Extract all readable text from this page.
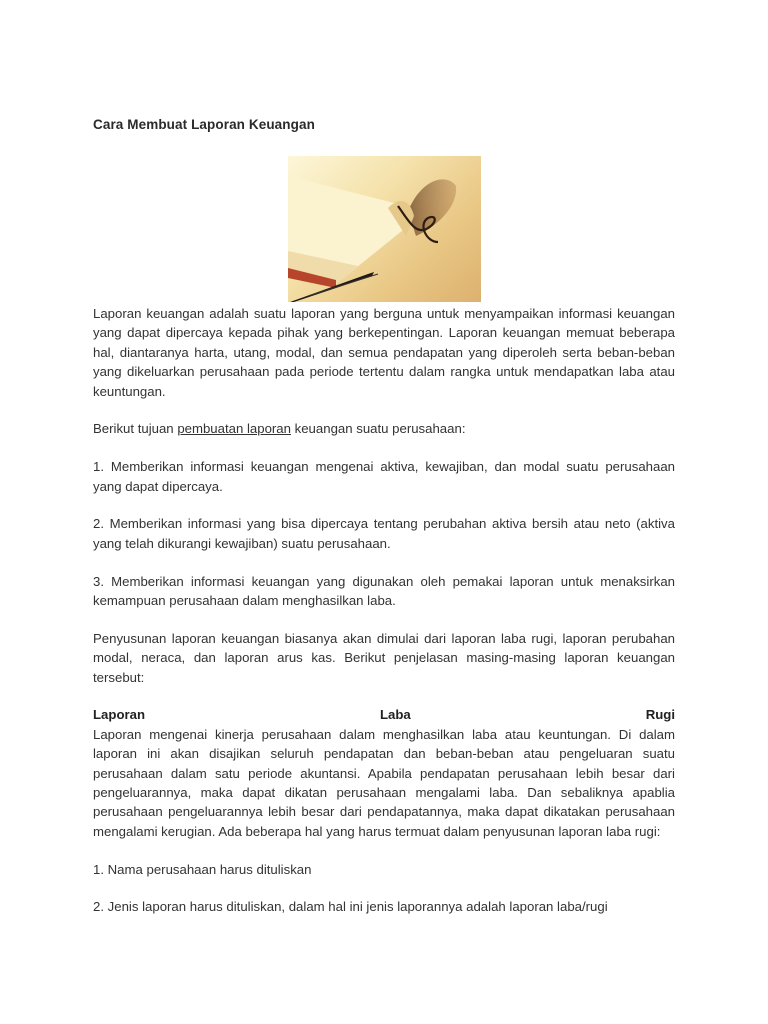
Cara Membuat Laporan Keuangan

Laporan keuangan adalah suatu laporan yang berguna untuk menyampaikan informasi keuangan yang dapat dipercaya kepada pihak yang berkepentingan. Laporan keuangan memuat beberapa hal, diantaranya harta, utang, modal, dan semua pendapatan yang diperoleh serta beban-beban yang dikeluarkan perusahaan pada periode tertentu dalam rangka untuk mendapatkan laba atau keuntungan.

Berikut tujuan pembuatan laporan keuangan suatu perusahaan:

1. Memberikan informasi keuangan mengenai aktiva, kewajiban, dan modal suatu perusahaan yang dapat dipercaya.

2. Memberikan informasi yang bisa dipercaya tentang perubahan aktiva bersih atau neto (aktiva yang telah dikurangi kewajiban) suatu perusahaan.

3. Memberikan informasi keuangan yang digunakan oleh pemakai laporan untuk menaksirkan kemampuan perusahaan dalam menghasilkan laba.

Penyusunan laporan keuangan biasanya akan dimulai dari laporan laba rugi, laporan perubahan modal, neraca, dan laporan arus kas. Berikut penjelasan masing-masing laporan keuangan tersebut:

Laporan Laba Rugi

Laporan mengenai kinerja perusahaan dalam menghasilkan laba atau keuntungan. Di dalam laporan ini akan disajikan seluruh pendapatan dan beban-beban atau pengeluaran suatu perusahaan dalam satu periode akuntansi. Apabila pendapatan perusahaan lebih besar dari pengeluarannya, maka dapat dikatan perusahaan mengalami laba. Dan sebaliknya apablia perusahaan pengeluarannya lebih besar dari pendapatannya, maka dapat dikatakan perusahaan mengalami kerugian. Ada beberapa hal yang harus termuat dalam penyusunan laporan laba rugi:

1. Nama perusahaan harus dituliskan

2. Jenis laporan harus dituliskan, dalam hal ini jenis laporannya adalah laporan laba/rugi
